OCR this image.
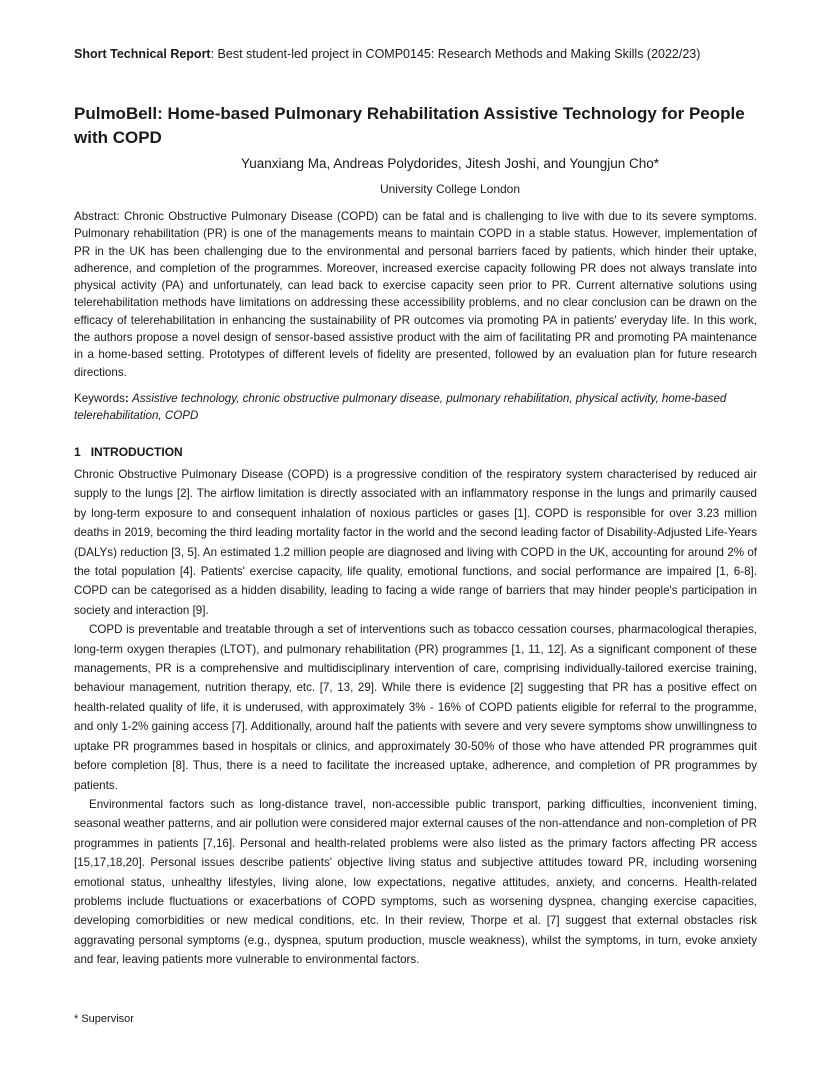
Short Technical Report: Best student-led project in COMP0145: Research Methods and Making Skills (2022/23)
PulmoBell: Home-based Pulmonary Rehabilitation Assistive Technology for People with COPD
Yuanxiang Ma, Andreas Polydorides, Jitesh Joshi, and Youngjun Cho*
University College London

Abstract: Chronic Obstructive Pulmonary Disease (COPD) can be fatal and is challenging to live with due to its severe symptoms. Pulmonary rehabilitation (PR) is one of the managements means to maintain COPD in a stable status. However, implementation of PR in the UK has been challenging due to the environmental and personal barriers faced by patients, which hinder their uptake, adherence, and completion of the programmes. Moreover, increased exercise capacity following PR does not always translate into physical activity (PA) and unfortunately, can lead back to exercise capacity seen prior to PR. Current alternative solutions using telerehabilitation methods have limitations on addressing these accessibility problems, and no clear conclusion can be drawn on the efficacy of telerehabilitation in enhancing the sustainability of PR outcomes via promoting PA in patients' everyday life. In this work, the authors propose a novel design of sensor-based assistive product with the aim of facilitating PR and promoting PA maintenance in a home-based setting. Prototypes of different levels of fidelity are presented, followed by an evaluation plan for future research directions.

Keywords: Assistive technology, chronic obstructive pulmonary disease, pulmonary rehabilitation, physical activity, home-based telerehabilitation, COPD

1 INTRODUCTION

Chronic Obstructive Pulmonary Disease (COPD) is a progressive condition of the respiratory system characterised by reduced air supply to the lungs [2]. The airflow limitation is directly associated with an inflammatory response in the lungs and primarily caused by long-term exposure to and consequent inhalation of noxious particles or gases [1]. COPD is responsible for over 3.23 million deaths in 2019, becoming the third leading mortality factor in the world and the second leading factor of Disability-Adjusted Life-Years (DALYs) reduction [3, 5]. An estimated 1.2 million people are diagnosed and living with COPD in the UK, accounting for around 2% of the total population [4]. Patients' exercise capacity, life quality, emotional functions, and social performance are impaired [1, 6-8]. COPD can be categorised as a hidden disability, leading to facing a wide range of barriers that may hinder people's participation in society and interaction [9].

COPD is preventable and treatable through a set of interventions such as tobacco cessation courses, pharmacological therapies, long-term oxygen therapies (LTOT), and pulmonary rehabilitation (PR) programmes [1, 11, 12]. As a significant component of these managements, PR is a comprehensive and multidisciplinary intervention of care, comprising individually-tailored exercise training, behaviour management, nutrition therapy, etc. [7, 13, 29]. While there is evidence [2] suggesting that PR has a positive effect on health-related quality of life, it is underused, with approximately 3% - 16% of COPD patients eligible for referral to the programme, and only 1-2% gaining access [7]. Additionally, around half the patients with severe and very severe symptoms show unwillingness to uptake PR programmes based in hospitals or clinics, and approximately 30-50% of those who have attended PR programmes quit before completion [8]. Thus, there is a need to facilitate the increased uptake, adherence, and completion of PR programmes by patients.

Environmental factors such as long-distance travel, non-accessible public transport, parking difficulties, inconvenient timing, seasonal weather patterns, and air pollution were considered major external causes of the non-attendance and non-completion of PR programmes in patients [7,16]. Personal and health-related problems were also listed as the primary factors affecting PR access [15,17,18,20]. Personal issues describe patients' objective living status and subjective attitudes toward PR, including worsening emotional status, unhealthy lifestyles, living alone, low expectations, negative attitudes, anxiety, and concerns. Health-related problems include fluctuations or exacerbations of COPD symptoms, such as worsening dyspnea, changing exercise capacities, developing comorbidities or new medical conditions, etc. In their review, Thorpe et al. [7] suggest that external obstacles risk aggravating personal symptoms (e.g., dyspnea, sputum production, muscle weakness), whilst the symptoms, in turn, evoke anxiety and fear, leaving patients more vulnerable to environmental factors.

* Supervisor
